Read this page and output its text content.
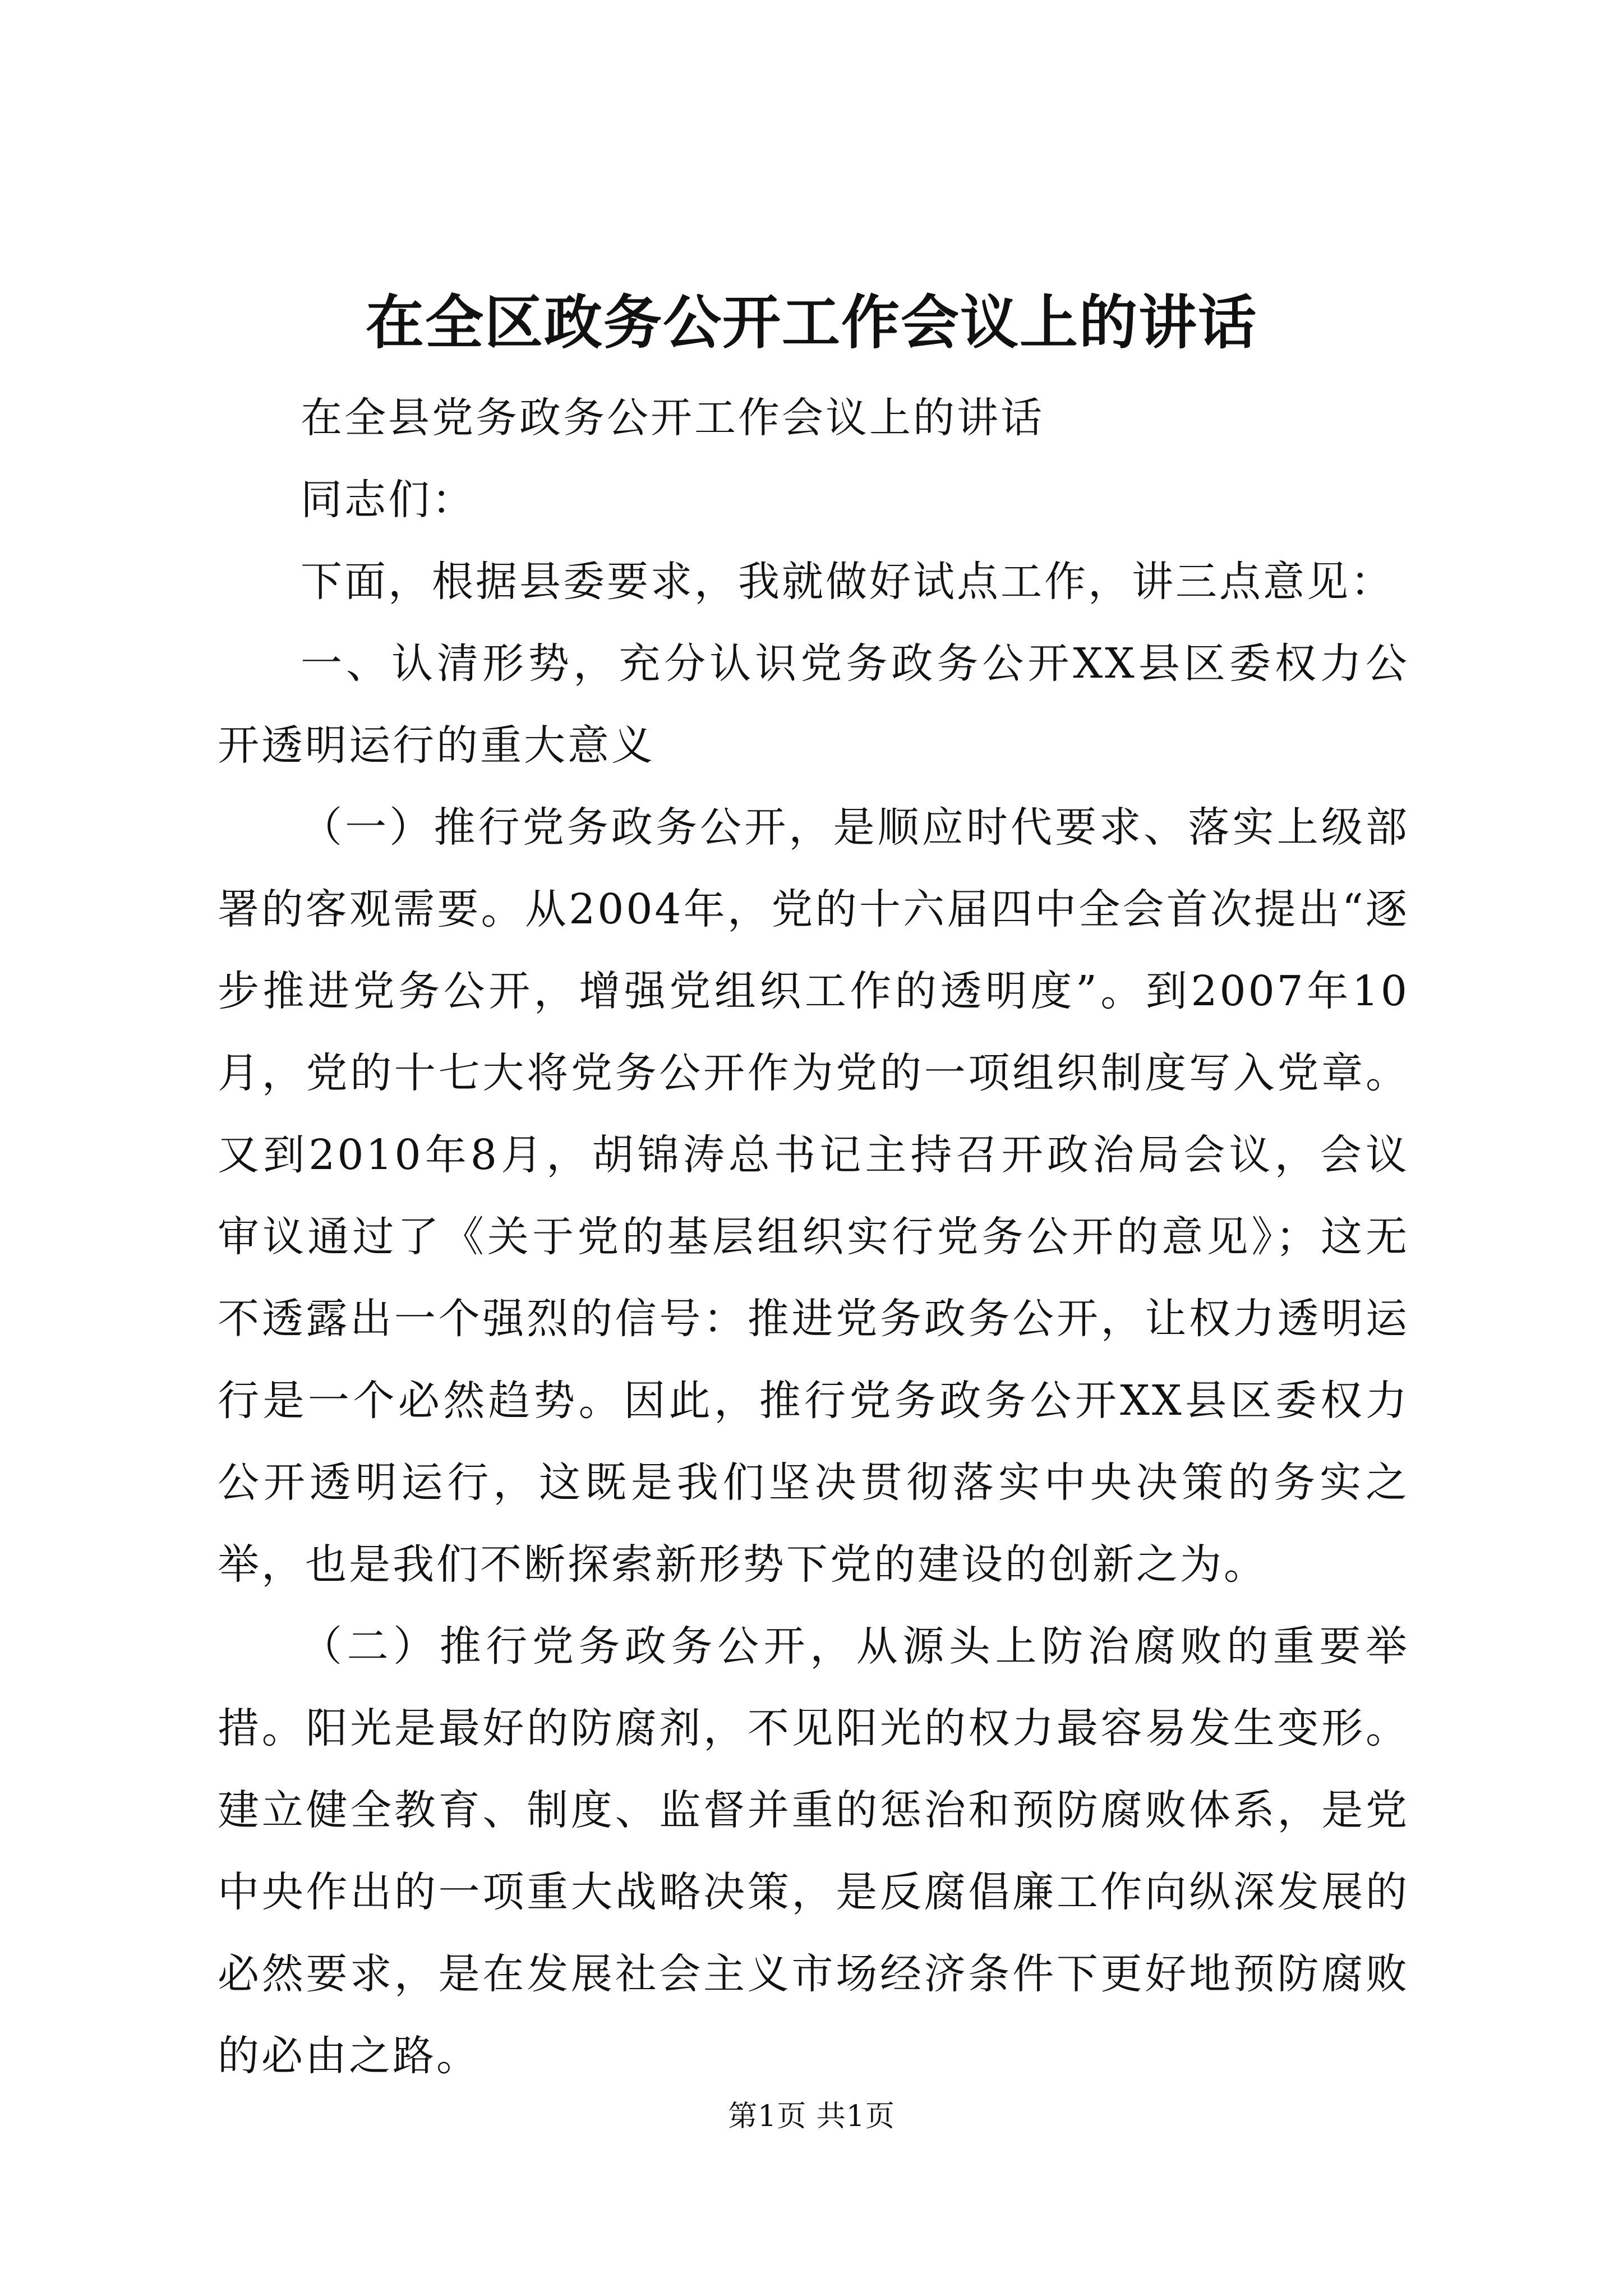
在全区政务公开工作会议上的讲话

在全县党务政务公开工作会议上的讲话

同志们：

下面，根据县委要求，我就做好试点工作，讲三点意见：

一、认清形势，充分认识党务政务公开XX县区委权力公开透明运行的重大意义

（一）推行党务政务公开，是顺应时代要求、落实上级部署的客观需要。从2004年，党的十六届四中全会首次提出“逐步推进党务公开，增强党组织工作的透明度”。到2007年10月，党的十七大将党务公开作为党的一项组织制度写入党章。又到2010年8月，胡锦涛总书记主持召开政治局会议，会议审议通过了《关于党的基层组织实行党务公开的意见》；这无不透露出一个强烈的信号：推进党务政务公开，让权力透明运行是一个必然趋势。因此，推行党务政务公开XX县区委权力公开透明运行，这既是我们坚决贯彻落实中央决策的务实之举，也是我们不断探索新形势下党的建设的创新之为。

（二）推行党务政务公开，从源头上防治腐败的重要举措。阳光是最好的防腐剂，不见阳光的权力最容易发生变形。建立健全教育、制度、监督并重的惩治和预防腐败体系，是党中央作出的一项重大战略决策，是反腐倡廉工作向纵深发展的必然要求，是在发展社会主义市场经济条件下更好地预防腐败的必由之路。

第1页 共1页
